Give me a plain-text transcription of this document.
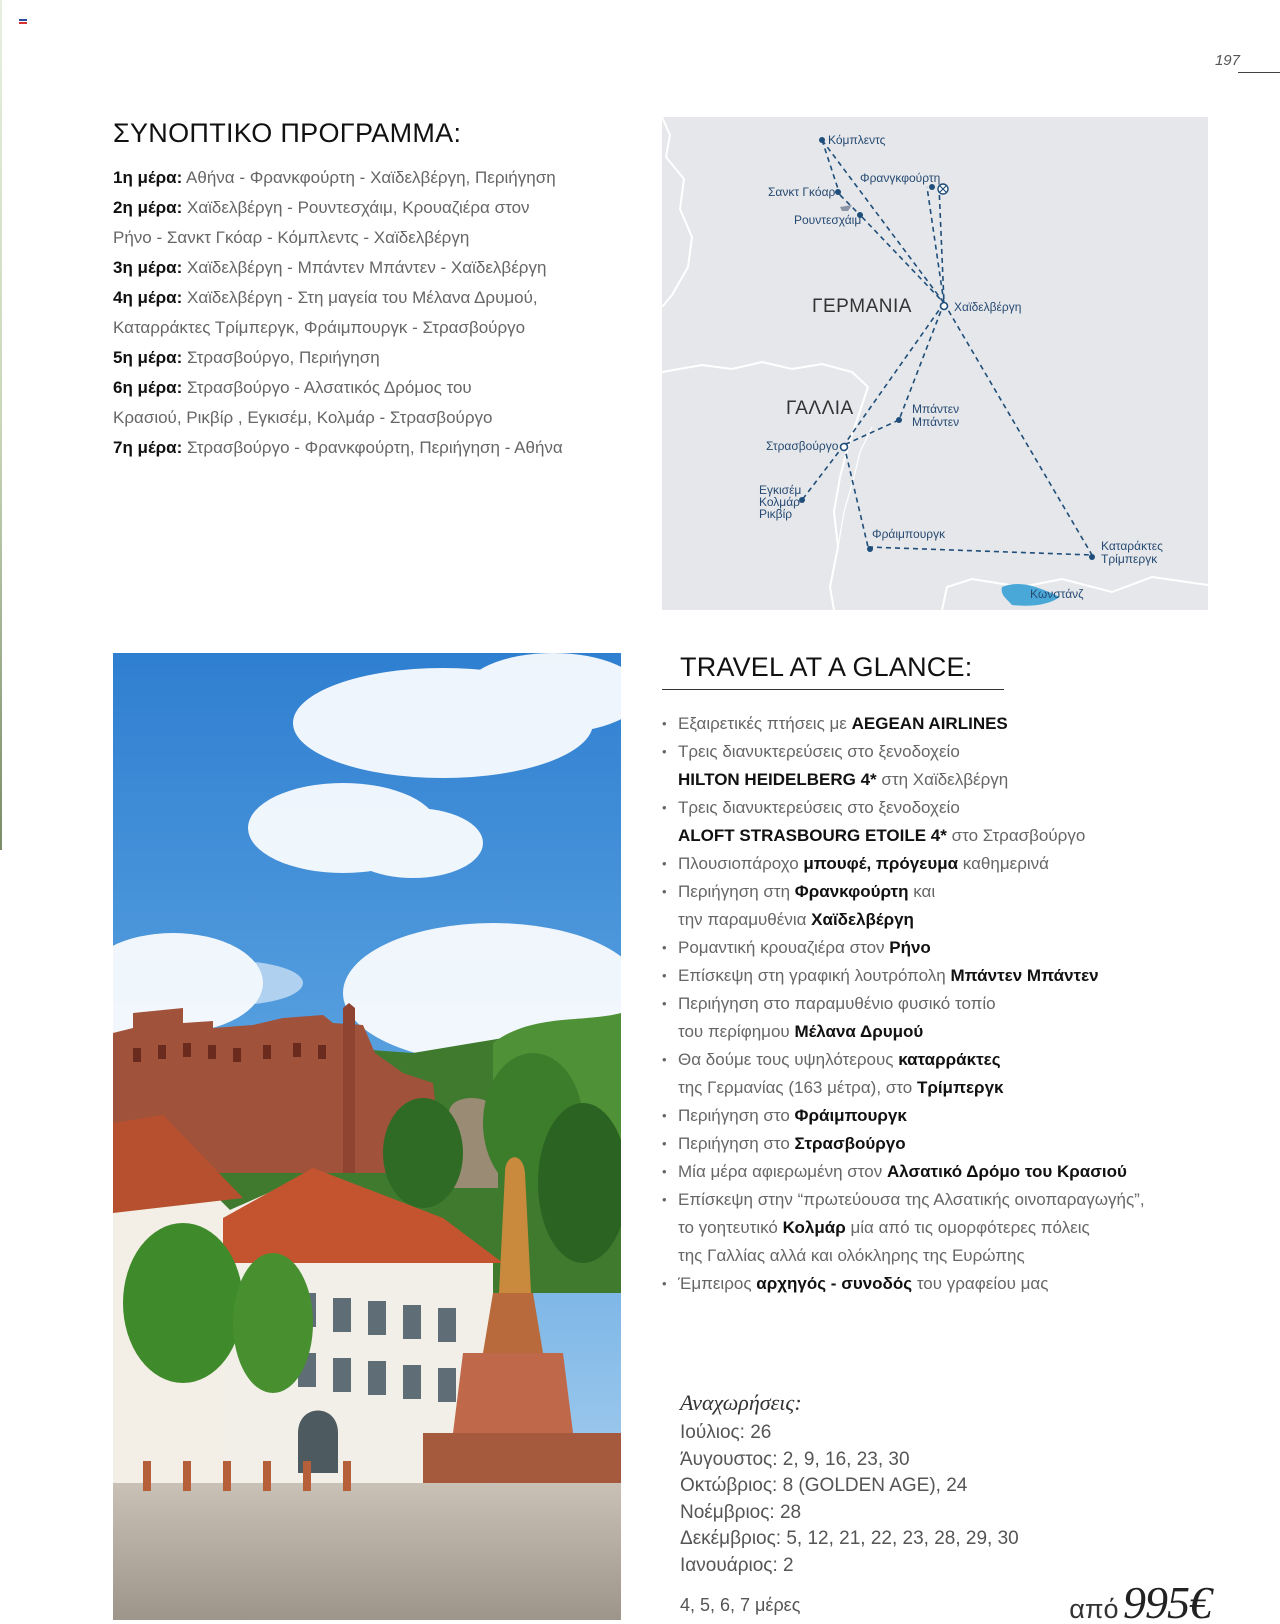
197
ΣΥΝΟΠΤΙΚΟ ΠΡΟΓΡΑΜΜΑ:
1η μέρα: Αθήνα - Φρανκφούρτη - Χαϊδελβέργη, Περιήγηση
2η μέρα: Χαϊδελβέργη - Ρουντεσχάιμ, Κρουαζιέρα στον
Ρήνο - Σανκτ Γκόαρ - Κόμπλεντς - Χαϊδελβέργη
3η μέρα: Χαϊδελβέργη - Μπάντεν Μπάντεν - Χαϊδελβέργη
4η μέρα: Χαϊδελβέργη - Στη μαγεία του Μέλανα Δρυμού,
Καταρράκτες Τρίμπεργκ, Φράιμπουργκ - Στρασβούργο
5η μέρα: Στρασβούργο, Περιήγηση
6η μέρα: Στρασβούργο - Αλσατικός Δρόμος του
Κρασιού, Ρικβίρ , Εγκισέμ, Κολμάρ - Στρασβούργο
7η μέρα: Στρασβούργο - Φρανκφούρτη, Περιήγηση - Αθήνα
Κόμπλεντς
Φρανγκφούρτη
Σανκτ Γκόαρ
Ρουντεσχάιμ
Χαϊδελβέργη
Μπάντεν
Μπάντεν
Στρασβούργο
Εγκισέμ
Κολμάρ
Ρικβίρ
Φράιμπουργκ
Καταράκτες
Τρίμπεργκ
Κωνστάνζ
ΓΕΡΜΑΝΙΑ
ΓΑΛΛΙΑ
TRAVEL AT A GLANCE:
• Εξαιρετικές πτήσεις με AEGEAN AIRLINES
• Τρεις διανυκτερεύσεις στο ξενοδοχείο
HILTON HEIDELBERG 4* στη Χαϊδελβέργη
• Τρεις διανυκτερεύσεις στο ξενοδοχείο
ALOFT STRASBOURG ETOILE 4* στο Στρασβούργο
• Πλουσιοπάροχο μπουφέ, πρόγευμα καθημερινά
• Περιήγηση στη Φρανκφούρτη και
την παραμυθένια Χαϊδελβέργη
• Ρομαντική κρουαζιέρα στον Ρήνο
• Επίσκεψη στη γραφική λουτρόπολη Μπάντεν Μπάντεν
• Περιήγηση στο παραμυθένιο φυσικό τοπίο
του περίφημου Μέλανα Δρυμού
• Θα δούμε τους υψηλότερους καταρράκτες
της Γερμανίας (163 μέτρα), στο Τρίμπεργκ
• Περιήγηση στο Φράιμπουργκ
• Περιήγηση στο Στρασβούργο
• Μία μέρα αφιερωμένη στον Αλσατικό Δρόμο του Κρασιού
• Επίσκεψη στην “πρωτεύουσα της Αλσατικής οινοπαραγωγής”,
το γοητευτικό Κολμάρ μία από τις ομορφότερες πόλεις
της Γαλλίας αλλά και ολόκληρης της Ευρώπης
• Έμπειρος αρχηγός - συνοδός του γραφείου μας
Αναχωρήσεις:
Ιούλιος: 26
Άυγουστος: 2, 9, 16, 23, 30
Οκτώβριος: 8 (GOLDEN AGE), 24
Νοέμβριος: 28
Δεκέμβριος: 5, 12, 21, 22, 23, 28, 29, 30
Ιανουάριος: 2
4, 5, 6, 7 μέρες	από 995€
